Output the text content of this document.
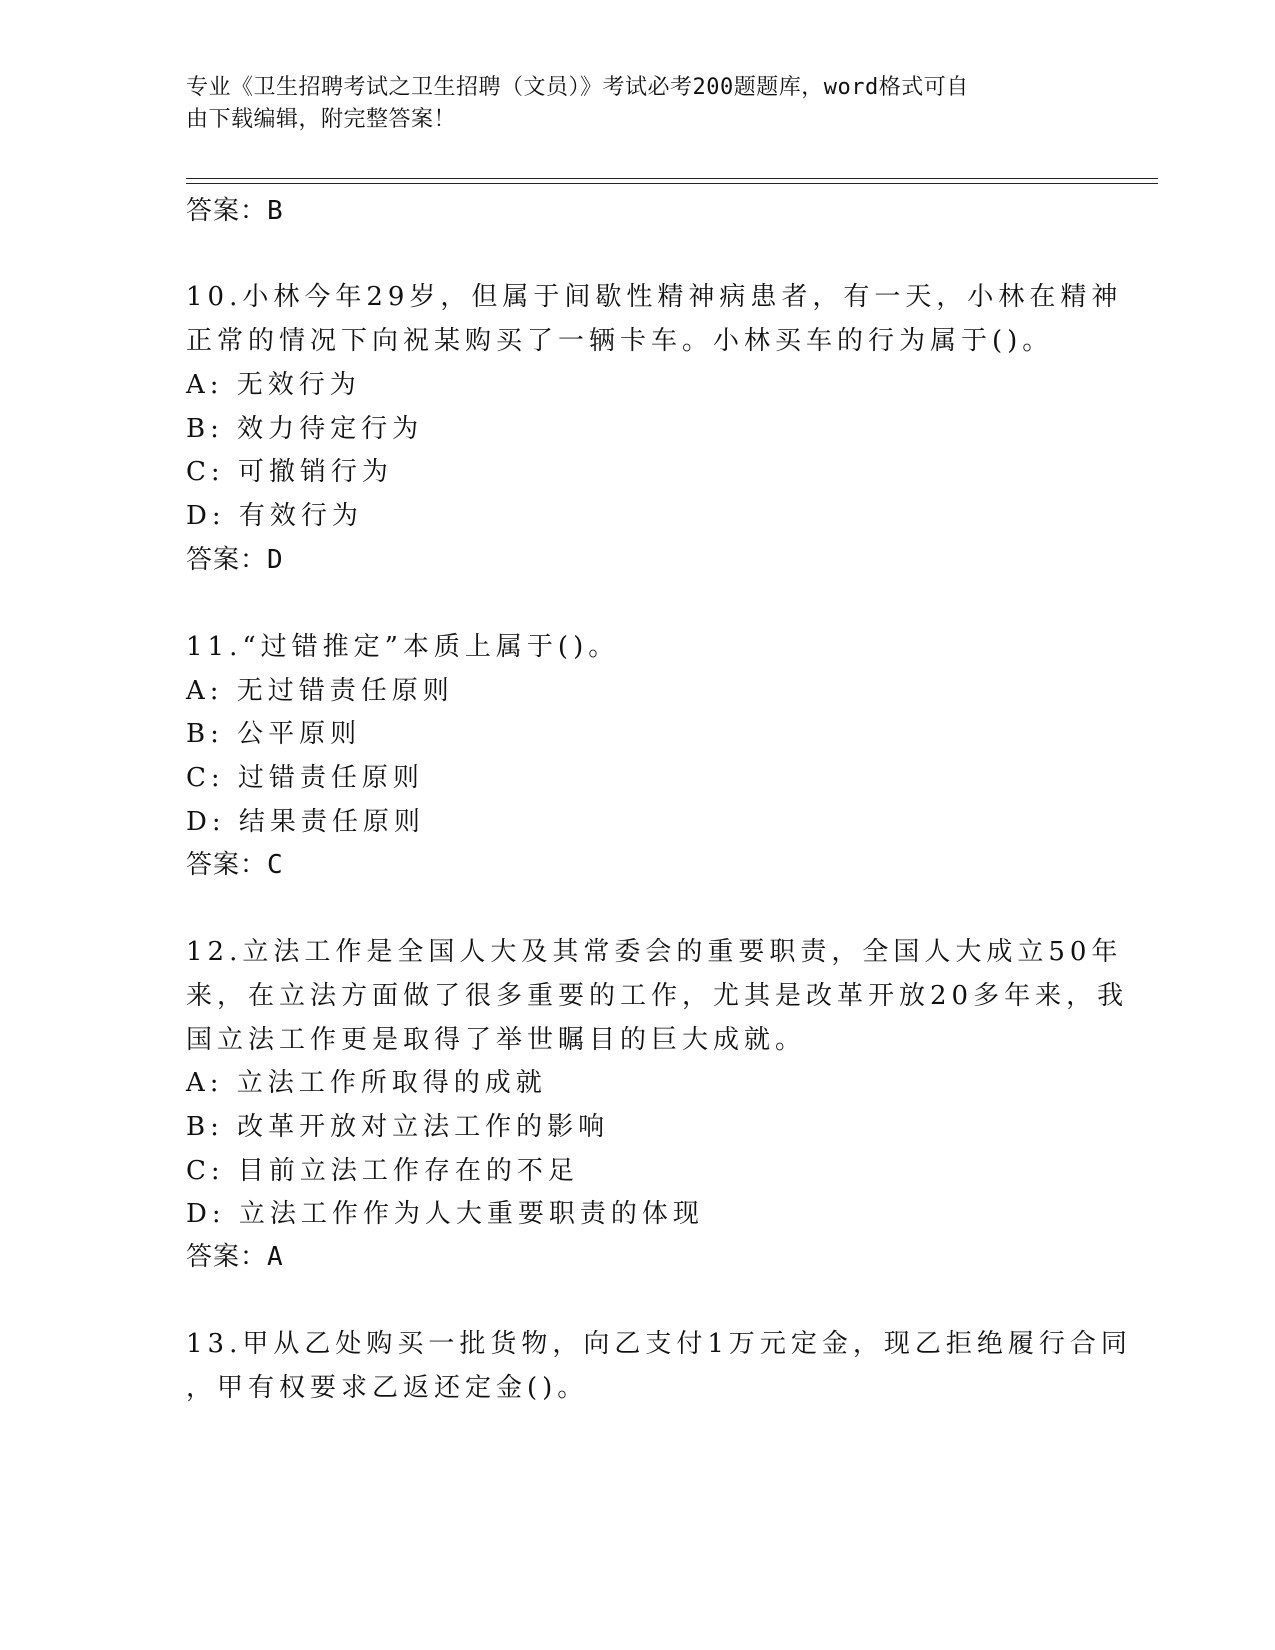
专业《卫生招聘考试之卫生招聘（文员）》考试必考200题题库，word格式可自
由下载编辑，附完整答案！
答案：B
10.小林今年29岁，但属于间歇性精神病患者，有一天，小林在精神
正常的情况下向祝某购买了一辆卡车。小林买车的行为属于()。
A: 无效行为
B: 效力待定行为
C: 可撤销行为
D: 有效行为
答案：D
11.“过错推定”本质上属于()。
A: 无过错责任原则
B: 公平原则
C: 过错责任原则
D: 结果责任原则
答案：C
12.立法工作是全国人大及其常委会的重要职责，全国人大成立50年
来，在立法方面做了很多重要的工作，尤其是改革开放20多年来，我
国立法工作更是取得了举世瞩目的巨大成就。
A: 立法工作所取得的成就
B: 改革开放对立法工作的影响
C: 目前立法工作存在的不足
D: 立法工作作为人大重要职责的体现
答案：A
13.甲从乙处购买一批货物，向乙支付1万元定金，现乙拒绝履行合同
，甲有权要求乙返还定金()。
